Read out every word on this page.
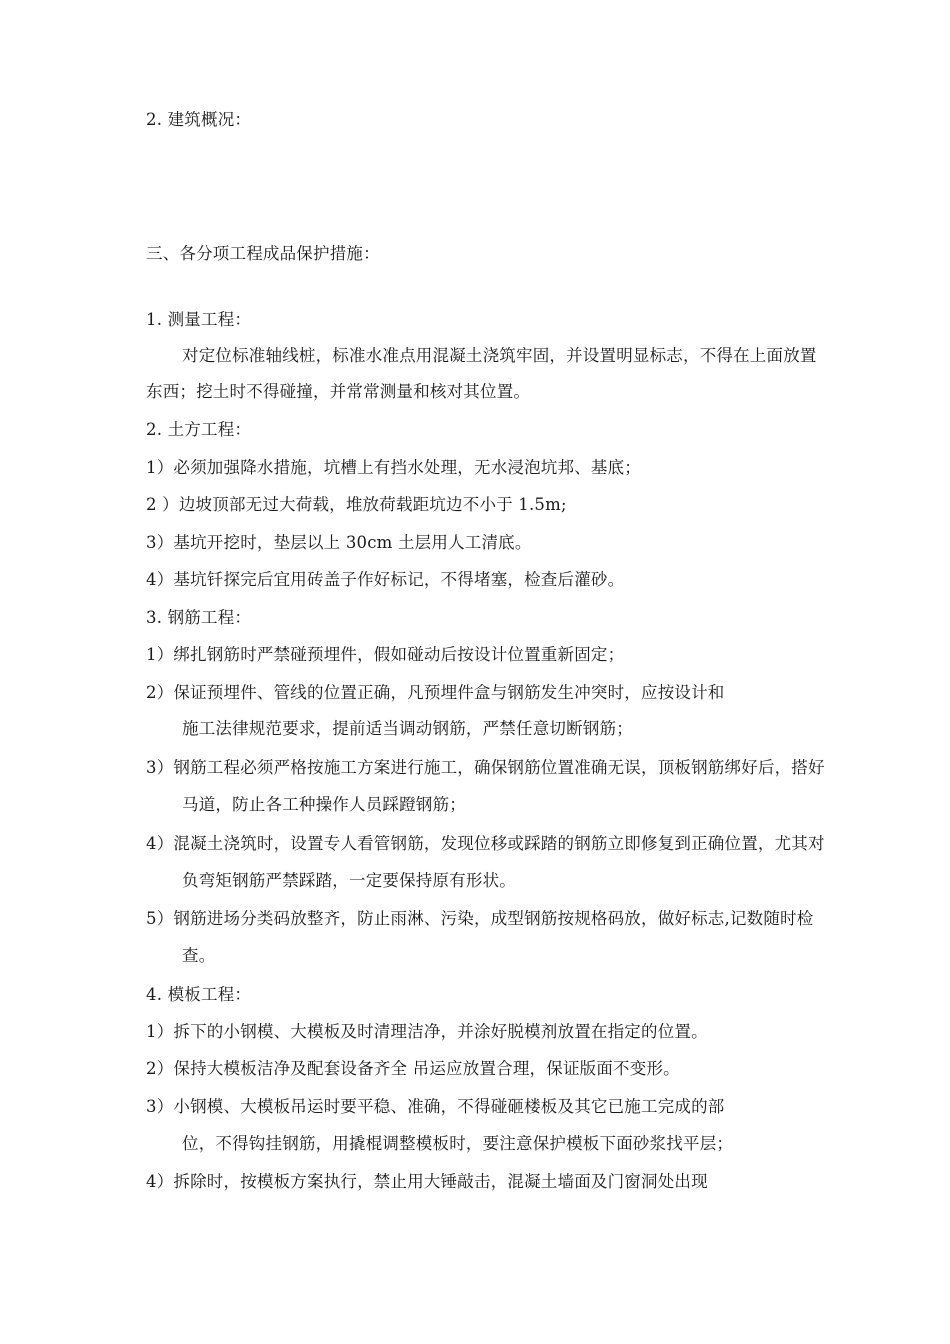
2. 建筑概况：
三、各分项工程成品保护措施：
1. 测量工程：
对定位标准轴线桩，标准水准点用混凝土浇筑牢固，并设置明显标志，不得在上面放置
东西；挖土时不得碰撞，并常常测量和核对其位置。
2. 土方工程：
1）必须加强降水措施，坑槽上有挡水处理，无水浸泡坑邦、基底；
2 ）边坡顶部无过大荷载，堆放荷载距坑边不小于 1.5m;
3）基坑开挖时，垫层以上 30cm 土层用人工清底。
4）基坑钎探完后宜用砖盖子作好标记，不得堵塞，检查后灌砂。
3. 钢筋工程：
1）绑扎钢筋时严禁碰预埋件，假如碰动后按设计位置重新固定；
2）保证预埋件、管线的位置正确，凡预埋件盒与钢筋发生冲突时，应按设计和
施工法律规范要求，提前适当调动钢筋，严禁任意切断钢筋；
3）钢筋工程必须严格按施工方案进行施工，确保钢筋位置准确无误，顶板钢筋绑好后，搭好
马道，防止各工种操作人员踩蹬钢筋；
4）混凝土浇筑时，设置专人看管钢筋，发现位移或踩踏的钢筋立即修复到正确位置，尤其对
负弯矩钢筋严禁踩踏，一定要保持原有形状。
5）钢筋进场分类码放整齐，防止雨淋、污染，成型钢筋按规格码放，做好标志,记数随时检
查。
4. 模板工程：
1）拆下的小钢模、大模板及时清理洁净，并涂好脱模剂放置在指定的位置。
2）保持大模板洁净及配套设备齐全 吊运应放置合理，保证版面不变形。
3）小钢模、大模板吊运时要平稳、准确，不得碰砸楼板及其它已施工完成的部
位，不得钩挂钢筋，用撬棍调整模板时，要注意保护模板下面砂浆找平层；
4）拆除时，按模板方案执行，禁止用大锤敲击，混凝土墙面及门窗洞处出现
